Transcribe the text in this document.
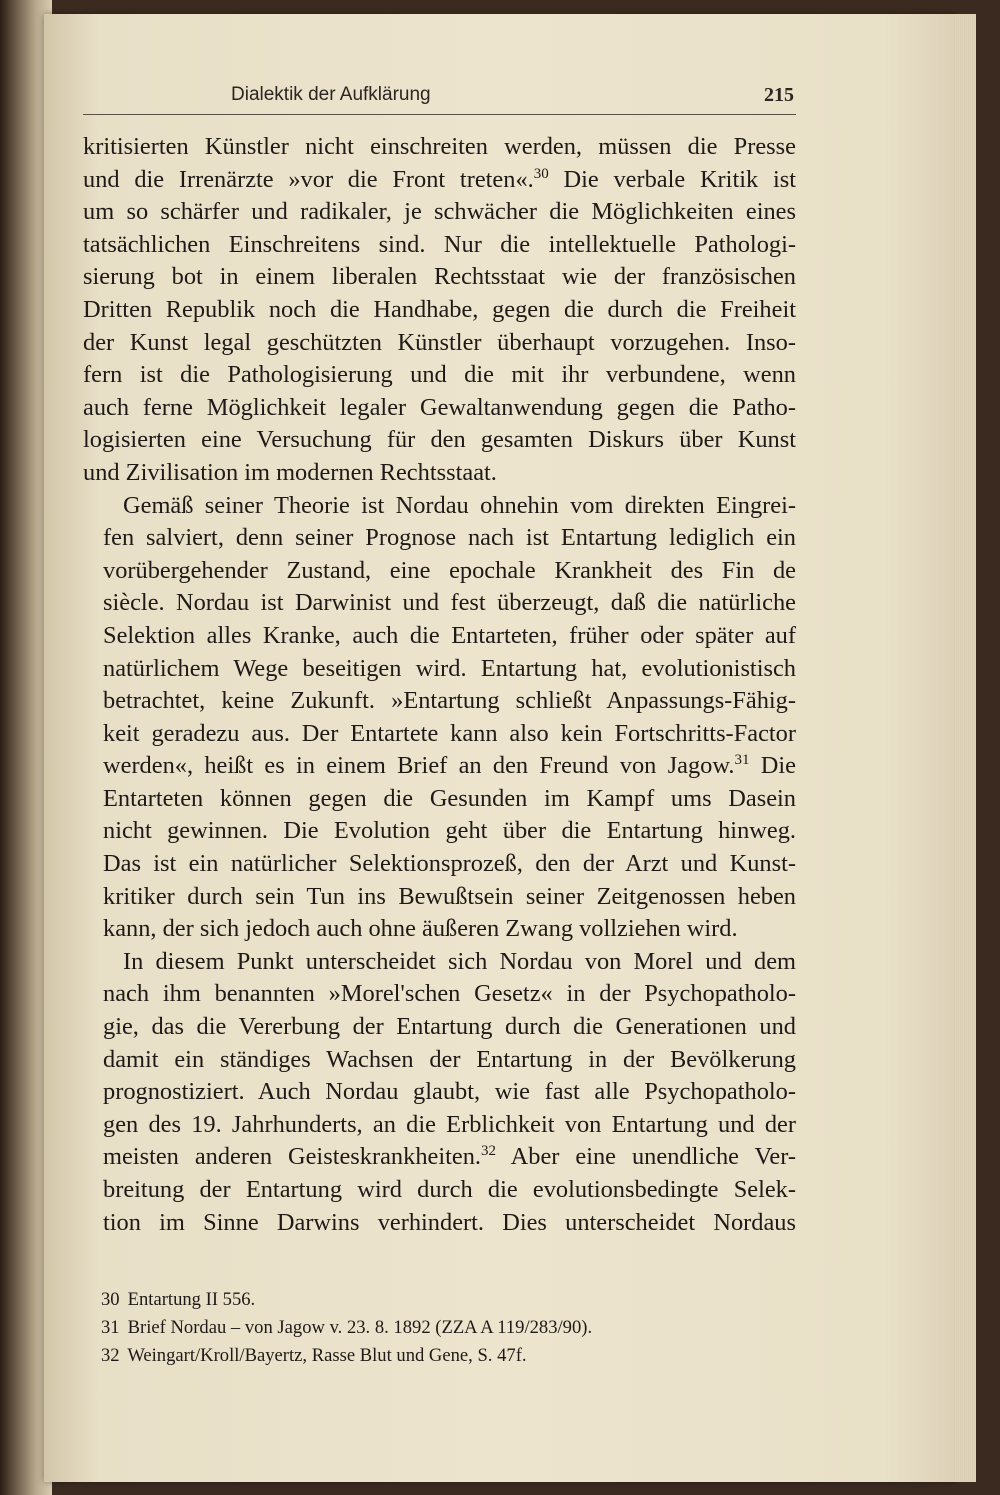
Dialektik der Aufklärung	215
kritisierten Künstler nicht einschreiten werden, müssen die Presse
und die Irrenärzte »vor die Front treten«.$^{30}$ Die verbale Kritik ist
um so schärfer und radikaler, je schwächer die Möglichkeiten eines
tatsächlichen Einschreitens sind. Nur die intellektuelle Pathologi-
sierung bot in einem liberalen Rechtsstaat wie der französischen
Dritten Republik noch die Handhabe, gegen die durch die Freiheit
der Kunst legal geschützten Künstler überhaupt vorzugehen. Inso-
fern ist die Pathologisierung und die mit ihr verbundene, wenn
auch ferne Möglichkeit legaler Gewaltanwendung gegen die Patho-
logisierten eine Versuchung für den gesamten Diskurs über Kunst
und Zivilisation im modernen Rechtsstaat.
Gemäß seiner Theorie ist Nordau ohnehin vom direkten Eingrei-
fen salviert, denn seiner Prognose nach ist Entartung lediglich ein
vorübergehender Zustand, eine epochale Krankheit des Fin de
siècle. Nordau ist Darwinist und fest überzeugt, daß die natürliche
Selektion alles Kranke, auch die Entarteten, früher oder später auf
natürlichem Wege beseitigen wird. Entartung hat, evolutionistisch
betrachtet, keine Zukunft. »Entartung schließt Anpassungs-Fähig-
keit geradezu aus. Der Entartete kann also kein Fortschritts-Factor
werden«, heißt es in einem Brief an den Freund von Jagow.$^{31}$ Die
Entarteten können gegen die Gesunden im Kampf ums Dasein
nicht gewinnen. Die Evolution geht über die Entartung hinweg.
Das ist ein natürlicher Selektionsprozeß, den der Arzt und Kunst-
kritiker durch sein Tun ins Bewußtsein seiner Zeitgenossen heben
kann, der sich jedoch auch ohne äußeren Zwang vollziehen wird.
In diesem Punkt unterscheidet sich Nordau von Morel und dem
nach ihm benannten »Morel'schen Gesetz« in der Psychopatholo-
gie, das die Vererbung der Entartung durch die Generationen und
damit ein ständiges Wachsen der Entartung in der Bevölkerung
prognostiziert. Auch Nordau glaubt, wie fast alle Psychopatholo-
gen des 19. Jahrhunderts, an die Erblichkeit von Entartung und der
meisten anderen Geisteskrankheiten.$^{32}$ Aber eine unendliche Ver-
breitung der Entartung wird durch die evolutionsbedingte Selek-
tion im Sinne Darwins verhindert. Dies unterscheidet Nordaus
30 Entartung II 556.
31 Brief Nordau – von Jagow v. 23. 8. 1892 (ZZA A 119/283/90).
32 Weingart/Kroll/Bayertz, Rasse Blut und Gene, S. 47f.
